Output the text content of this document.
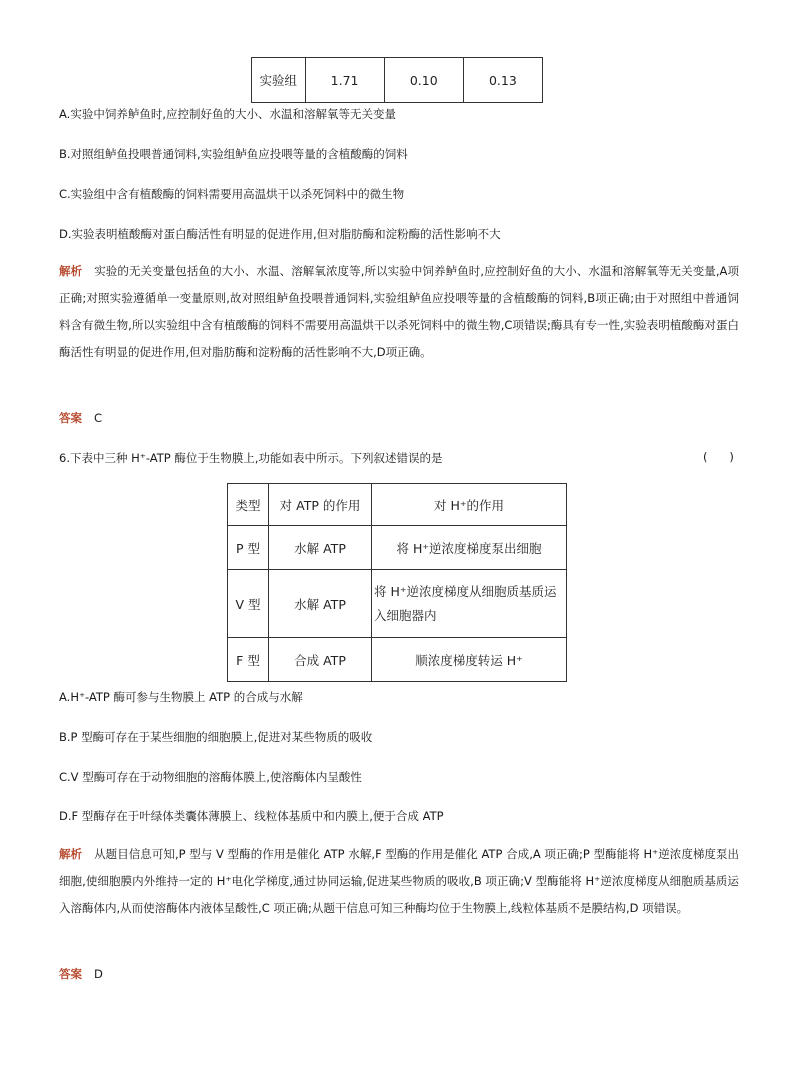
实验组	1.71	0.10	0.13
A.实验中饲养鲈鱼时,应控制好鱼的大小、水温和溶解氧等无关变量
B.对照组鲈鱼投喂普通饲料,实验组鲈鱼应投喂等量的含植酸酶的饲料
C.实验组中含有植酸酶的饲料需要用高温烘干以杀死饲料中的微生物
D.实验表明植酸酶对蛋白酶活性有明显的促进作用,但对脂肪酶和淀粉酶的活性影响不大
解析 实验的无关变量包括鱼的大小、水温、溶解氧浓度等,所以实验中饲养鲈鱼时,应控制好鱼的大小、水温和溶解氧等无关变量,A项正确;对照实验遵循单一变量原则,故对照组鲈鱼投喂普通饲料,实验组鲈鱼应投喂等量的含植酸酶的饲料,B项正确;由于对照组中普通饲料含有微生物,所以实验组中含有植酸酶的饲料不需要用高温烘干以杀死饲料中的微生物,C项错误;酶具有专一性,实验表明植酸酶对蛋白酶活性有明显的促进作用,但对脂肪酶和淀粉酶的活性影响不大,D项正确。
答案 C
6.下表中三种 H⁺-ATP 酶位于生物膜上,功能如表中所示。下列叙述错误的是	(      )
类型	对 ATP 的作用	对 H⁺的作用
P 型	水解 ATP	将 H⁺逆浓度梯度泵出细胞
V 型	水解 ATP	将 H⁺逆浓度梯度从细胞质基质运入细胞器内
F 型	合成 ATP	顺浓度梯度转运 H⁺
A.H⁺-ATP 酶可参与生物膜上 ATP 的合成与水解
B.P 型酶可存在于某些细胞的细胞膜上,促进对某些物质的吸收
C.V 型酶可存在于动物细胞的溶酶体膜上,使溶酶体内呈酸性
D.F 型酶存在于叶绿体类囊体薄膜上、线粒体基质中和内膜上,便于合成 ATP
解析 从题目信息可知,P 型与 V 型酶的作用是催化 ATP 水解,F 型酶的作用是催化 ATP 合成,A 项正确;P 型酶能将 H⁺逆浓度梯度泵出细胞,使细胞膜内外维持一定的 H⁺电化学梯度,通过协同运输,促进某些物质的吸收,B 项正确;V 型酶能将 H⁺逆浓度梯度从细胞质基质运入溶酶体内,从而使溶酶体内液体呈酸性,C 项正确;从题干信息可知三种酶均位于生物膜上,线粒体基质不是膜结构,D 项错误。
答案 D
